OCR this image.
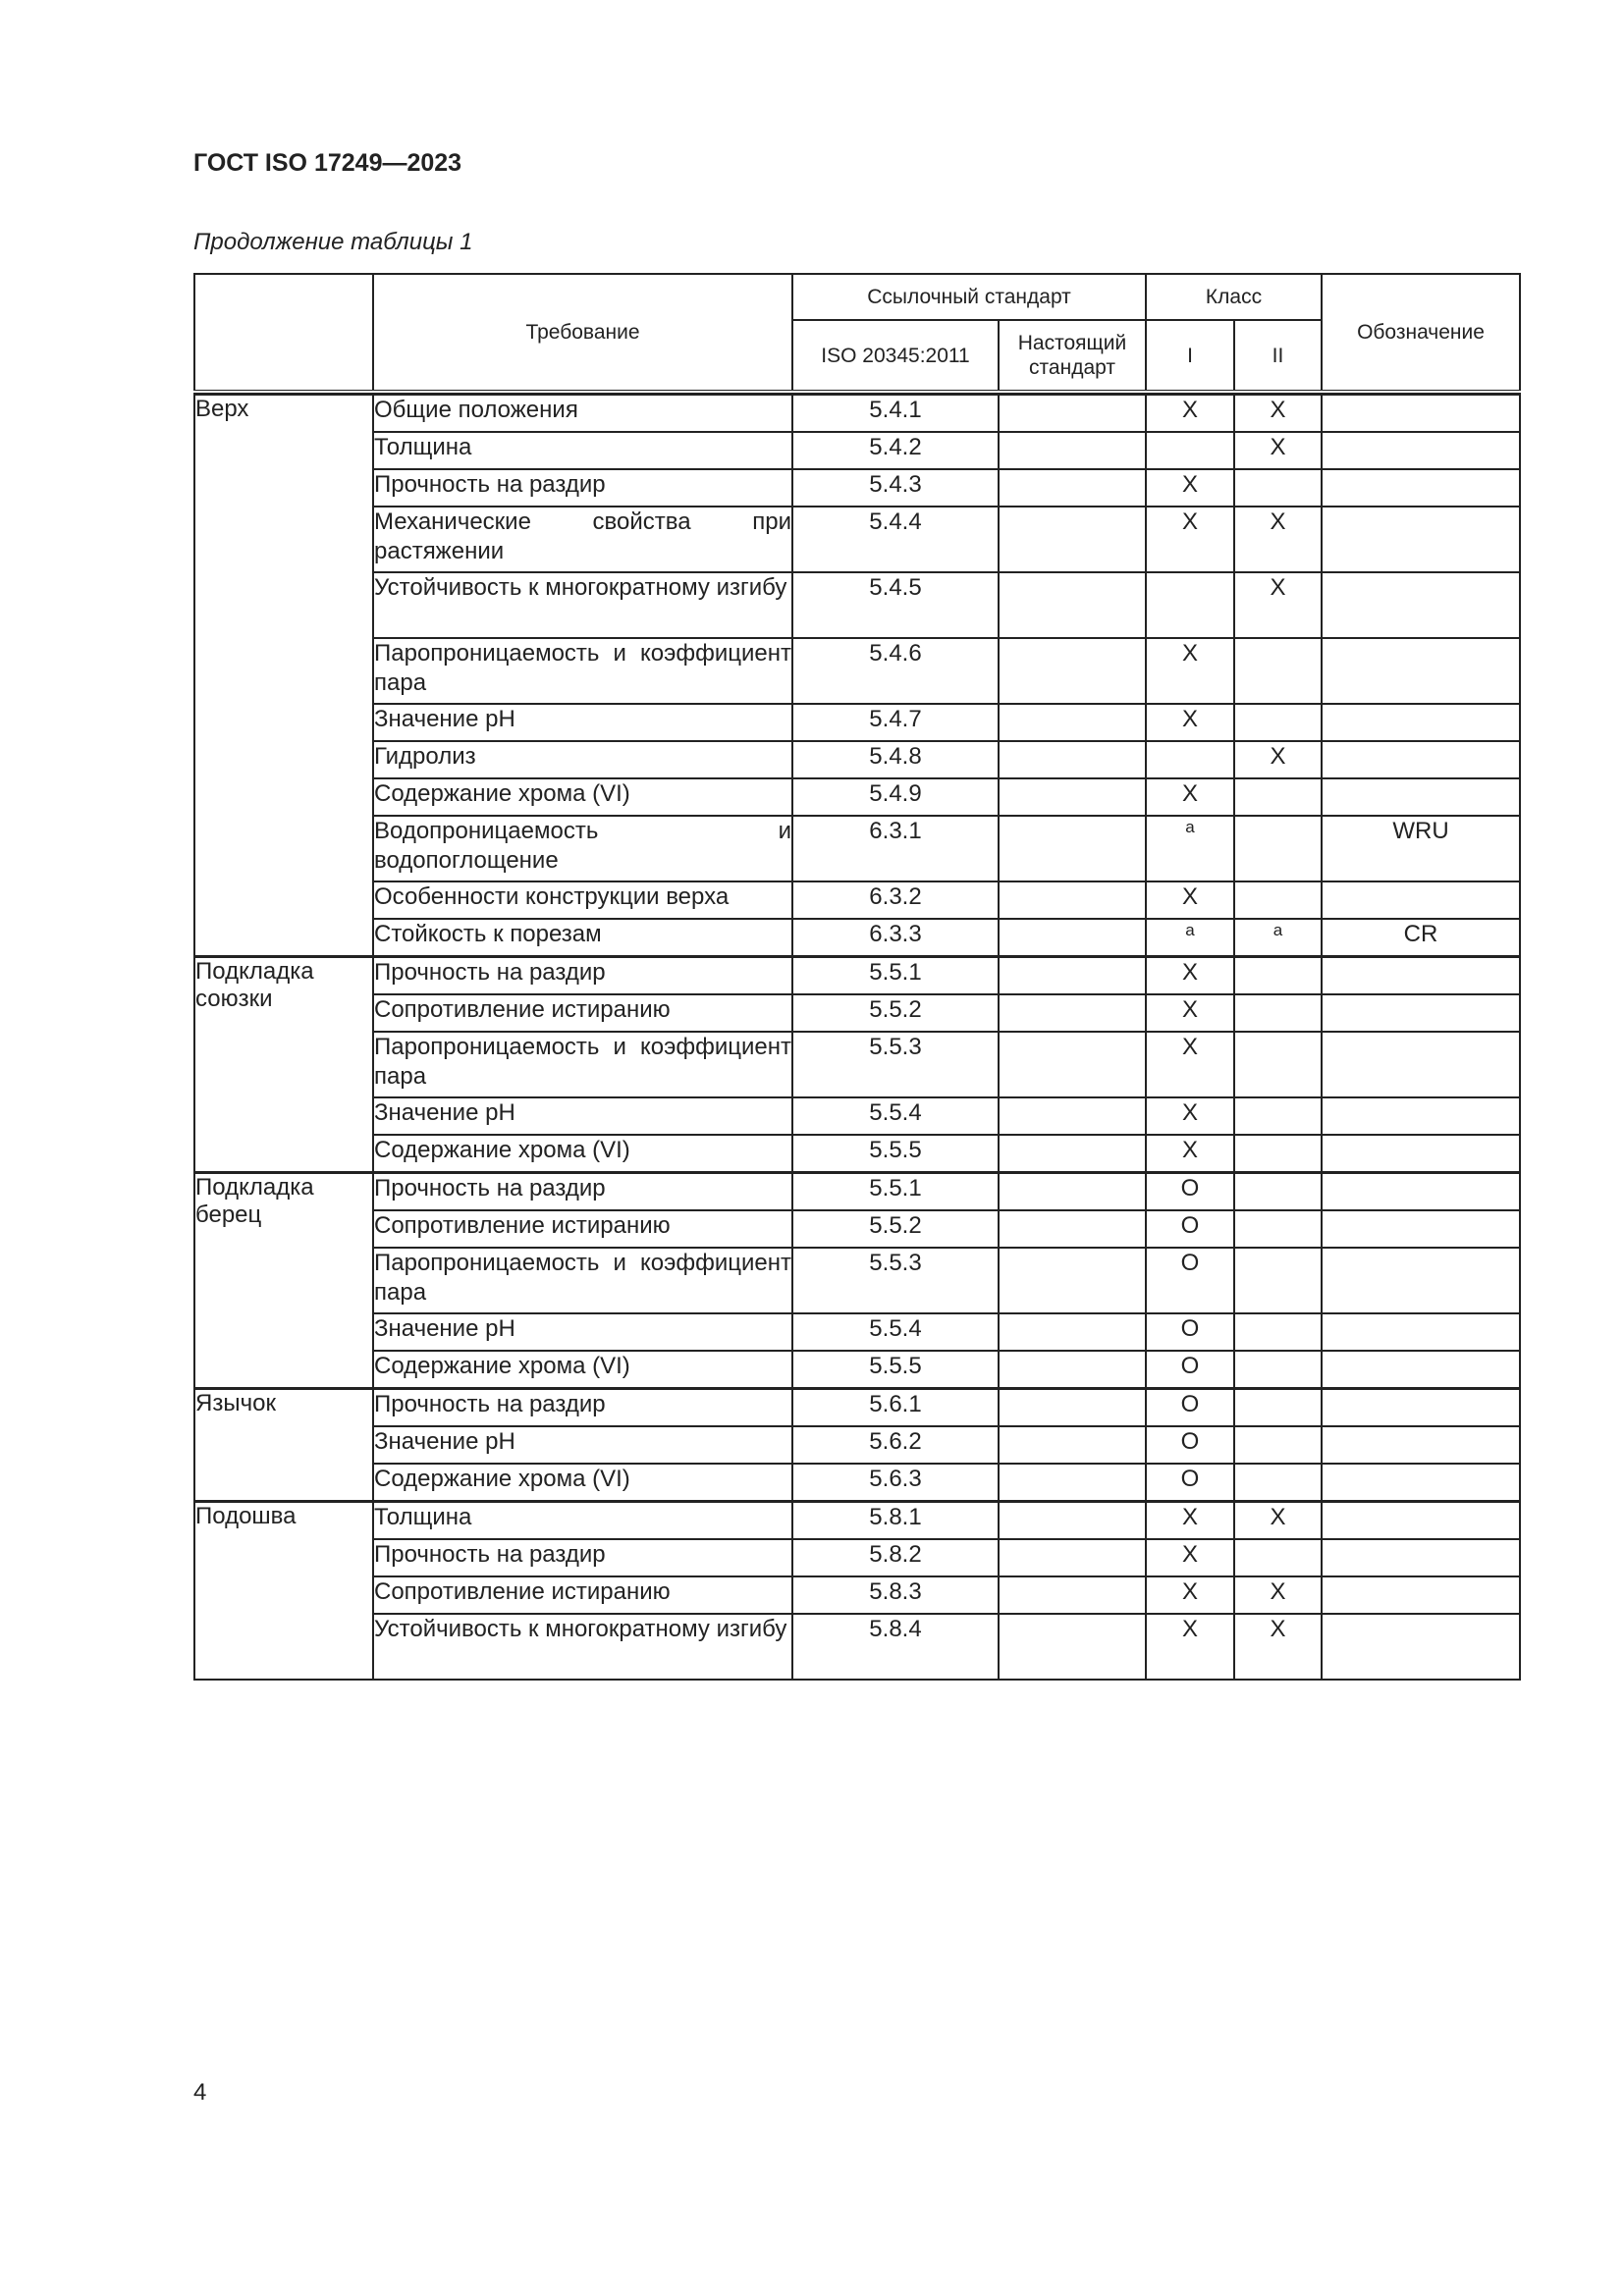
ГОСТ ISO 17249—2023
Продолжение таблицы 1
	Требование	Ссылочный стандарт		Класс		Обозначение
		ISO 20345:2011	Настоящий стандарт	I	II	

Верх	Общие положения	5.4.1		X	X	
	Толщина	5.4.2			X	
	Прочность на раздир	5.4.3		X		
	Механические свойства при растяжении	5.4.4		X	X	
	Устойчивость к многократному изгибу	5.4.5			X	
	Паропроницаемость и коэффициент пара	5.4.6		X		
	Значение pH	5.4.7		X		
	Гидролиз	5.4.8			X	
	Содержание хрома (VI)	5.4.9		X		
	Водопроницаемость и водопоглощение	6.3.1		$^a$		WRU
	Особенности конструкции верха	6.3.2		X		
	Стойкость к порезам	6.3.3		$^a$	$^a$	CR
Подкладка союзки	Прочность на раздир	5.5.1		X		
	Сопротивление истиранию	5.5.2		X		
	Паропроницаемость и коэффициент пара	5.5.3		X		
	Значение pH	5.5.4		X		
	Содержание хрома (VI)	5.5.5		X		
Подкладка берец	Прочность на раздир	5.5.1		O		
	Сопротивление истиранию	5.5.2		O		
	Паропроницаемость и коэффициент пара	5.5.3		O		
	Значение pH	5.5.4		O		
	Содержание хрома (VI)	5.5.5		O		
Язычок	Прочность на раздир	5.6.1		O		
	Значение pH	5.6.2		O		
	Содержание хрома (VI)	5.6.3		O		
Подошва	Толщина	5.8.1		X	X	
	Прочность на раздир	5.8.2		X		
	Сопротивление истиранию	5.8.3		X	X	
	Устойчивость к многократному изгибу	5.8.4		X	X	
4
